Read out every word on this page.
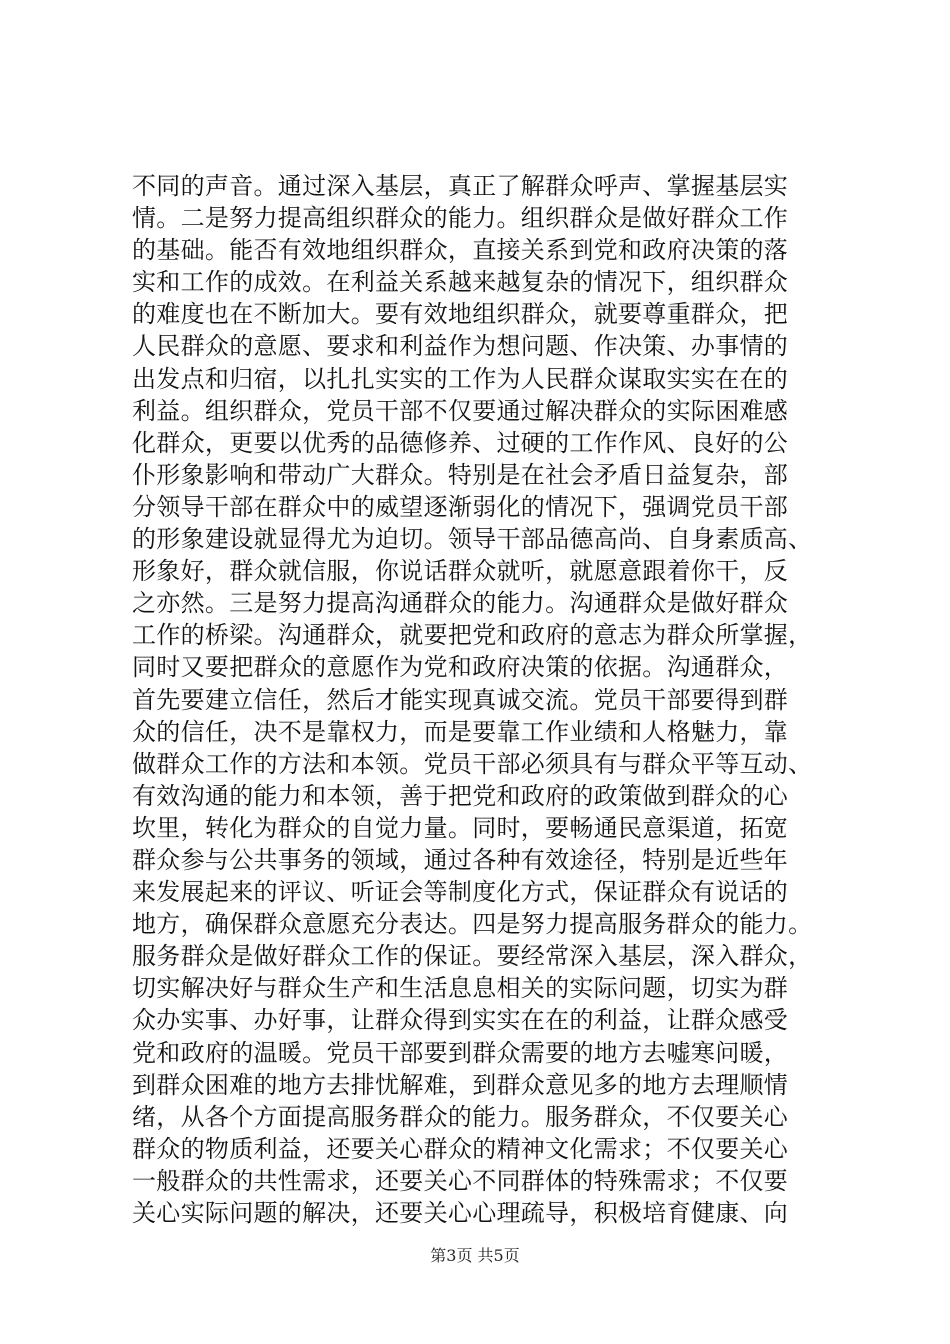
不同的声音。通过深入基层，真正了解群众呼声、掌握基层实
情。二是努力提高组织群众的能力。组织群众是做好群众工作
的基础。能否有效地组织群众，直接关系到党和政府决策的落
实和工作的成效。在利益关系越来越复杂的情况下，组织群众
的难度也在不断加大。要有效地组织群众，就要尊重群众，把
人民群众的意愿、要求和利益作为想问题、作决策、办事情的
出发点和归宿，以扎扎实实的工作为人民群众谋取实实在在的
利益。组织群众，党员干部不仅要通过解决群众的实际困难感
化群众，更要以优秀的品德修养、过硬的工作作风、良好的公
仆形象影响和带动广大群众。特别是在社会矛盾日益复杂，部
分领导干部在群众中的威望逐渐弱化的情况下，强调党员干部
的形象建设就显得尤为迫切。领导干部品德高尚、自身素质高、
形象好，群众就信服，你说话群众就听，就愿意跟着你干，反
之亦然。三是努力提高沟通群众的能力。沟通群众是做好群众
工作的桥梁。沟通群众，就要把党和政府的意志为群众所掌握，
同时又要把群众的意愿作为党和政府决策的依据。沟通群众，
首先要建立信任，然后才能实现真诚交流。党员干部要得到群
众的信任，决不是靠权力，而是要靠工作业绩和人格魅力，靠
做群众工作的方法和本领。党员干部必须具有与群众平等互动、
有效沟通的能力和本领，善于把党和政府的政策做到群众的心
坎里，转化为群众的自觉力量。同时，要畅通民意渠道，拓宽
群众参与公共事务的领域，通过各种有效途径，特别是近些年
来发展起来的评议、听证会等制度化方式，保证群众有说话的
地方，确保群众意愿充分表达。四是努力提高服务群众的能力。
服务群众是做好群众工作的保证。要经常深入基层，深入群众，
切实解决好与群众生产和生活息息相关的实际问题，切实为群
众办实事、办好事，让群众得到实实在在的利益，让群众感受
党和政府的温暖。党员干部要到群众需要的地方去嘘寒问暖，
到群众困难的地方去排忧解难，到群众意见多的地方去理顺情
绪，从各个方面提高服务群众的能力。服务群众，不仅要关心
群众的物质利益，还要关心群众的精神文化需求；不仅要关心
一般群众的共性需求，还要关心不同群体的特殊需求；不仅要
关心实际问题的解决，还要关心心理疏导，积极培育健康、向
第3页 共5页
